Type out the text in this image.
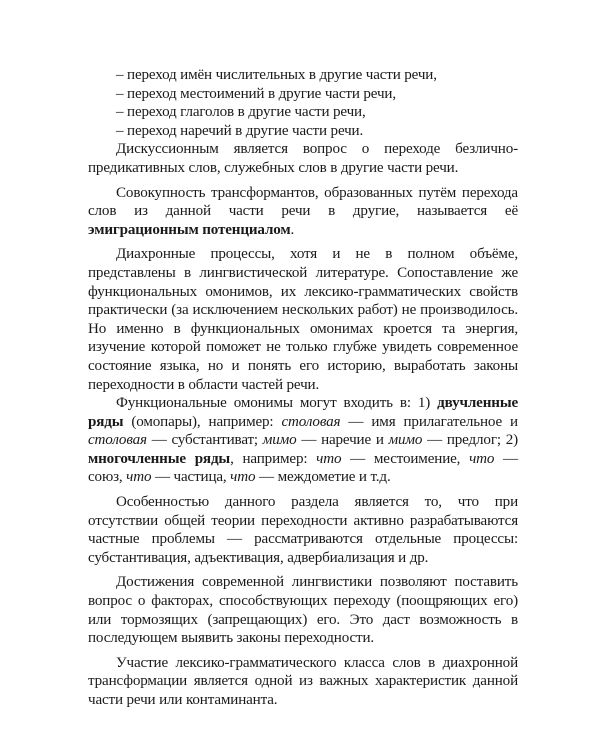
– переход имён числительных в другие части речи,

– переход местоимений в другие части речи,

– переход глаголов в другие части речи,

– переход наречий в другие части речи.

Дискуссионным является вопрос о переходе безлично-предикативных слов, служебных слов в другие части речи.

Совокупность трансформантов, образованных путём перехода слов из данной части речи в другие, называется её эмиграционным потенциалом.

Диахронные процессы, хотя и не в полном объёме, представлены в лингвистической литературе. Сопоставление же функциональных омонимов, их лексико-грамматических свойств практически (за исключением нескольких работ) не производилось. Но именно в функциональных омонимах кроется та энергия, изучение которой поможет не только глубже увидеть современное состояние языка, но и понять его историю, выработать законы переходности в области частей речи.

Функциональные омонимы могут входить в: 1) двучленные ряды (омопары), например: столовая — имя прилагательное и столовая — субстантиват; мимо — наречие и мимо — предлог; 2) многочленные ряды, например: что — местоимение, что — союз, что — частица, что — междометие и т.д.

Особенностью данного раздела является то, что при отсутствии общей теории переходности активно разрабатываются частные проблемы — рассматриваются отдельные процессы: субстантивация, адъективация, адвербиализация и др.

Достижения современной лингвистики позволяют поставить вопрос о факторах, способствующих переходу (поощряющих его) или тормозящих (запрещающих) его. Это даст возможность в последующем выявить законы переходности.

Участие лексико-грамматического класса слов в диахронной трансформации является одной из важных характеристик данной части речи или контаминанта.
